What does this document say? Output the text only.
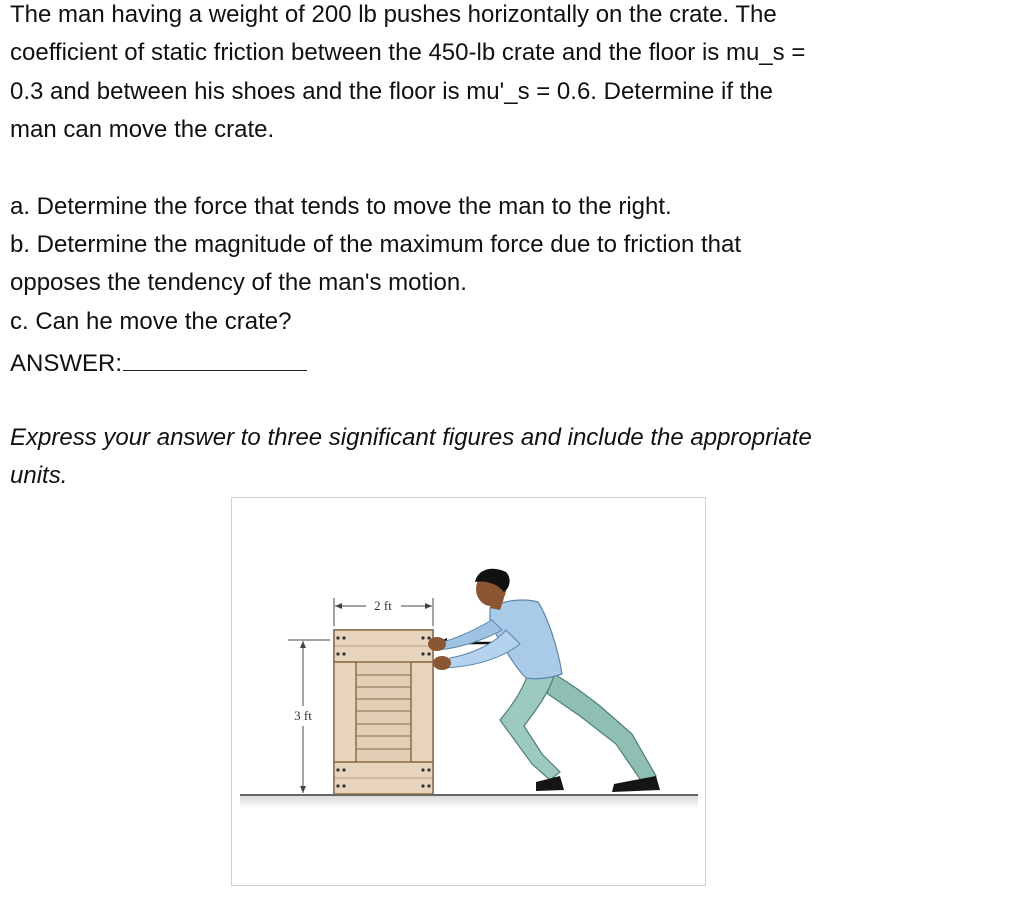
The man having a weight of 200 lb pushes horizontally on the crate. The
coefficient of static friction between the 450-lb crate and the floor is mu_s =
0.3 and between his shoes and the floor is mu'_s = 0.6. Determine if the
man can move the crate.
a. Determine the force that tends to move the man to the right.
b. Determine the magnitude of the maximum force due to friction that
opposes the tendency of the man's motion.
c. Can he move the crate?
ANSWER:
Express your answer to three significant figures and include the appropriate
units.
2 ft
3 ft
